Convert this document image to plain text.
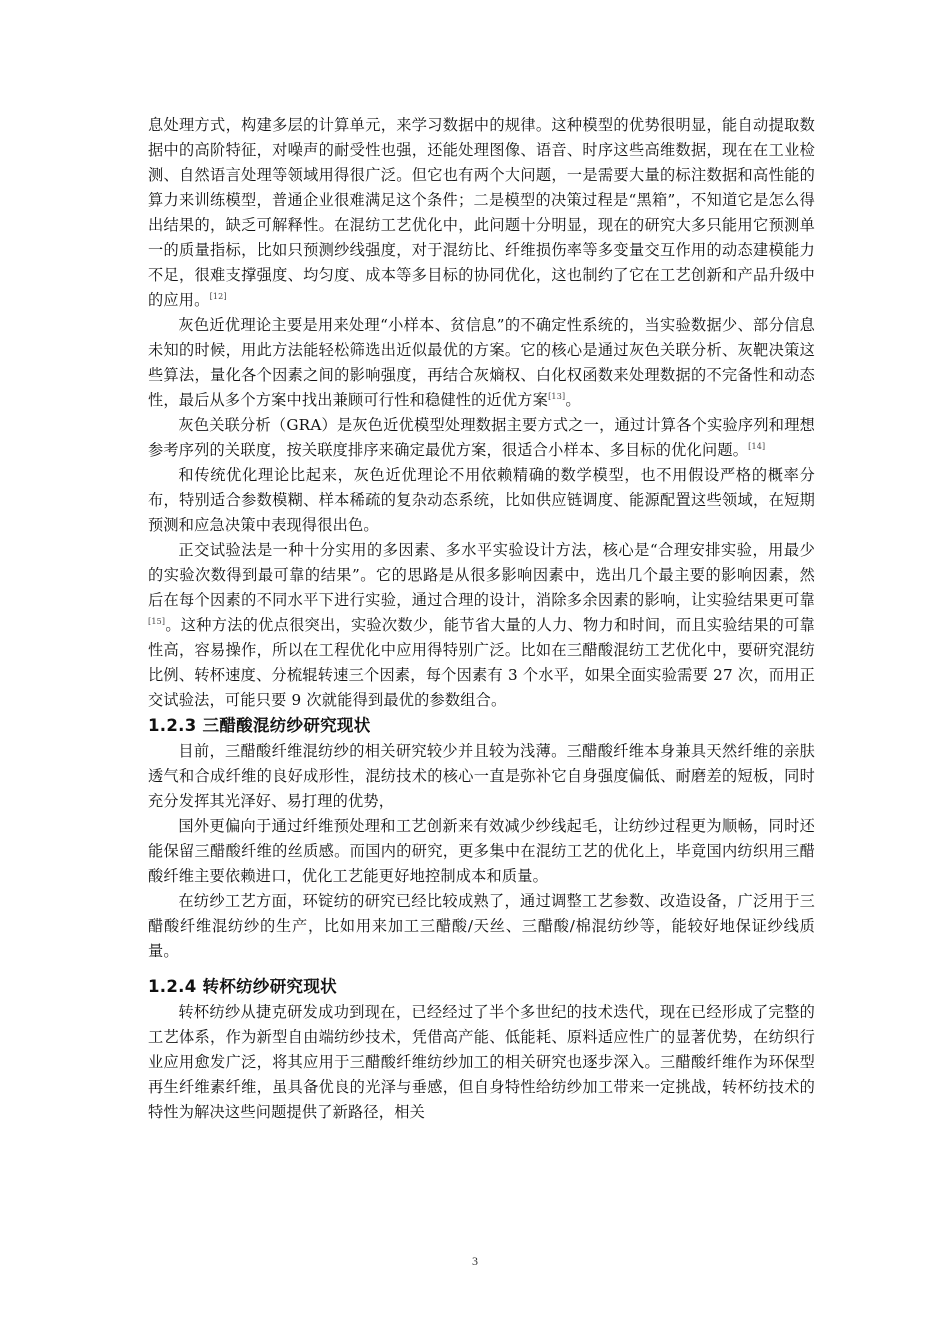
息处理方式，构建多层的计算单元，来学习数据中的规律。这种模型的优势很明显，能自动提取数据中的高阶特征，对噪声的耐受性也强，还能处理图像、语音、时序这些高维数据，现在在工业检测、自然语言处理等领域用得很广泛。但它也有两个大问题，一是需要大量的标注数据和高性能的算力来训练模型，普通企业很难满足这个条件；二是模型的决策过程是“黑箱”，不知道它是怎么得出结果的，缺乏可解释性。在混纺工艺优化中，此问题十分明显，现在的研究大多只能用它预测单一的质量指标，比如只预测纱线强度，对于混纺比、纤维损伤率等多变量交互作用的动态建模能力不足，很难支撑强度、均匀度、成本等多目标的协同优化，这也制约了它在工艺创新和产品升级中的应用。[12]

灰色近优理论主要是用来处理“小样本、贫信息”的不确定性系统的，当实验数据少、部分信息未知的时候，用此方法能轻松筛选出近似最优的方案。它的核心是通过灰色关联分析、灰靶决策这些算法，量化各个因素之间的影响强度，再结合灰熵权、白化权函数来处理数据的不完备性和动态性，最后从多个方案中找出兼顾可行性和稳健性的近优方案[13]。

灰色关联分析（GRA）是灰色近优模型处理数据主要方式之一，通过计算各个实验序列和理想参考序列的关联度，按关联度排序来确定最优方案，很适合小样本、多目标的优化问题。[14]

和传统优化理论比起来，灰色近优理论不用依赖精确的数学模型，也不用假设严格的概率分布，特别适合参数模糊、样本稀疏的复杂动态系统，比如供应链调度、能源配置这些领域，在短期预测和应急决策中表现得很出色。

正交试验法是一种十分实用的多因素、多水平实验设计方法，核心是“合理安排实验，用最少的实验次数得到最可靠的结果”。它的思路是从很多影响因素中，选出几个最主要的影响因素，然后在每个因素的不同水平下进行实验，通过合理的设计，消除多余因素的影响，让实验结果更可靠[15]。这种方法的优点很突出，实验次数少，能节省大量的人力、物力和时间，而且实验结果的可靠性高，容易操作，所以在工程优化中应用得特别广泛。比如在三醋酸混纺工艺优化中，要研究混纺比例、转杯速度、分梳辊转速三个因素，每个因素有 3 个水平，如果全面实验需要 27 次，而用正交试验法，可能只要 9 次就能得到最优的参数组合。

1.2.3 三醋酸混纺纱研究现状

目前，三醋酸纤维混纺纱的相关研究较少并且较为浅薄。三醋酸纤维本身兼具天然纤维的亲肤透气和合成纤维的良好成形性，混纺技术的核心一直是弥补它自身强度偏低、耐磨差的短板，同时充分发挥其光泽好、易打理的优势，

国外更偏向于通过纤维预处理和工艺创新来有效减少纱线起毛，让纺纱过程更为顺畅，同时还能保留三醋酸纤维的丝质感。而国内的研究，更多集中在混纺工艺的优化上，毕竟国内纺织用三醋酸纤维主要依赖进口，优化工艺能更好地控制成本和质量。

在纺纱工艺方面，环锭纺的研究已经比较成熟了，通过调整工艺参数、改造设备，广泛用于三醋酸纤维混纺纱的生产，比如用来加工三醋酸/天丝、三醋酸/棉混纺纱等，能较好地保证纱线质量。

1.2.4 转杯纺纱研究现状

转杯纺纱从捷克研发成功到现在，已经经过了半个多世纪的技术迭代，现在已经形成了完整的工艺体系，作为新型自由端纺纱技术，凭借高产能、低能耗、原料适应性广的显著优势，在纺织行业应用愈发广泛，将其应用于三醋酸纤维纺纱加工的相关研究也逐步深入。三醋酸纤维作为环保型再生纤维素纤维，虽具备优良的光泽与垂感，但自身特性给纺纱加工带来一定挑战，转杯纺技术的特性为解决这些问题提供了新路径，相关

3
